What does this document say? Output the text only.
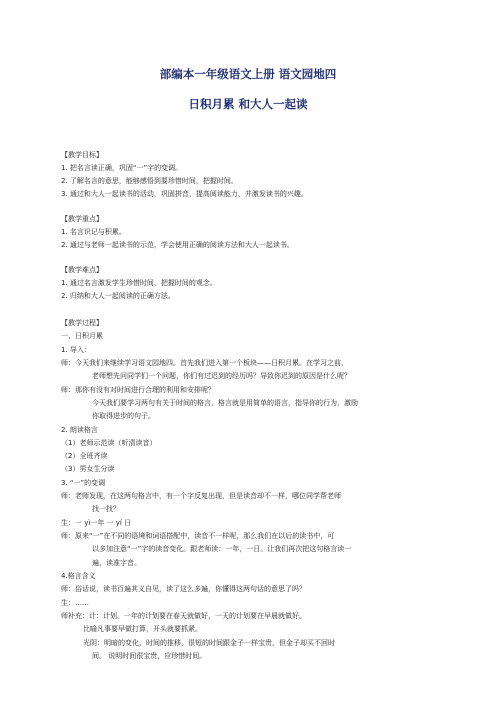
部编本一年级语文上册 语文园地四
日积月累 和大人一起读
【教学目标】
1. 把名言读正确，巩固“一”字的变调。
2. 了解名言的意思，能够感悟到要珍惜时间，把握时间。
3. 通过和大人一起读书的活动，巩固拼音，提高阅读能力，并激发读书的兴趣。
【教学重点】
1. 名言识记与积累。
2. 通过与老师一起读书的示范，学会使用正确的阅读方法和大人一起读书。
【教学难点】
1. 通过名言激发学生珍惜时间，把握时间的观念。
2. 归纳和大人一起阅读的正确方法。
【教学过程】
一、日积月累
1. 导入：
师：今天我们来继续学习语文园地四。首先我们进入第一个板块——日积月累。在学习之前，
老师想先问同学们一个问题，你们有过迟到的经历吗？导致你迟到的原因是什么呢？
师：那你有没有对时间进行合理的利用和安排呢？
今天我们要学习两句有关于时间的格言，格言就是用简单的语言，指导你的行为，激励
你取得进步的句子。
2. 朗读格言
（1）老师示范读（听清读音）
（2）全班齐读
（3）男女生分读
3. “一”的变调
师：老师发现，在这两句格言中，有一个字反复出现，但是读音却不一样，哪位同学帮老师
找一找？
生：一 yì一年 一 yí 日
师：原来“一”在不同的语境和词语搭配中，读音不一样呢，那么我们在以后的读书中，可
以多加注意“一”字的读音变化。跟老师读：一年，一日。让我们再次把这句格言读一
遍，读准字音。
4.格言含义
师：俗话说，读书百遍其义自见，读了这么多遍，你懂得这两句话的意思了吗？
生：……
师补充：计：计划。一年的计划要在春天就做好，一天的计划要在早晨就做好。
比喻凡事要早做打算，开头就要抓紧。
光阴：明暗的变化，时间的推移。很短的时间跟金子一样宝贵，但金子却买不回时
间。 说明时间很宝贵，应珍惜时间。
